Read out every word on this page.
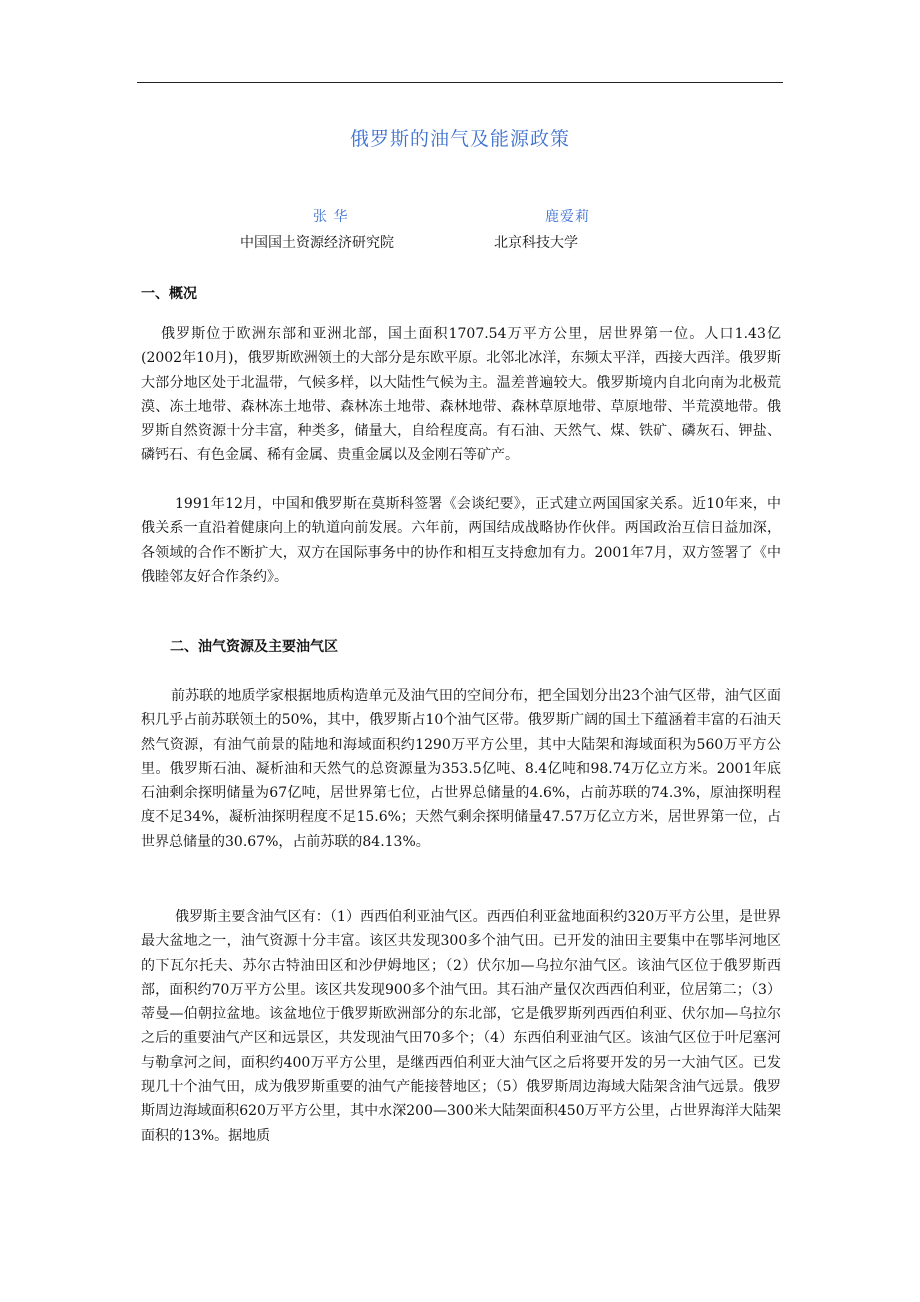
俄罗斯的油气及能源政策
张 华	鹿爱莉
中国国土资源经济研究院	北京科技大学
一、概况
俄罗斯位于欧洲东部和亚洲北部，国土面积1707.54万平方公里，居世界第一位。人口1.43亿(2002年10月)，俄罗斯欧洲领土的大部分是东欧平原。北邻北冰洋，东频太平洋，西接大西洋。俄罗斯大部分地区处于北温带，气候多样，以大陆性气候为主。温差普遍较大。俄罗斯境内自北向南为北极荒漠、冻土地带、森林冻土地带、森林冻土地带、森林地带、森林草原地带、草原地带、半荒漠地带。俄罗斯自然资源十分丰富，种类多，储量大，自给程度高。有石油、天然气、煤、铁矿、磷灰石、钾盐、磷钙石、有色金属、稀有金属、贵重金属以及金刚石等矿产。
1991年12月，中国和俄罗斯在莫斯科签署《会谈纪要》，正式建立两国国家关系。近10年来，中俄关系一直沿着健康向上的轨道向前发展。六年前，两国结成战略协作伙伴。两国政治互信日益加深，各领域的合作不断扩大，双方在国际事务中的协作和相互支持愈加有力。2001年7月，双方签署了《中俄睦邻友好合作条约》。
二、油气资源及主要油气区
前苏联的地质学家根据地质构造单元及油气田的空间分布，把全国划分出23个油气区带，油气区面积几乎占前苏联领土的50%，其中，俄罗斯占10个油气区带。俄罗斯广阔的国土下蕴涵着丰富的石油天然气资源，有油气前景的陆地和海域面积约1290万平方公里，其中大陆架和海域面积为560万平方公里。俄罗斯石油、凝析油和天然气的总资源量为353.5亿吨、8.4亿吨和98.74万亿立方米。2001年底石油剩余探明储量为67亿吨，居世界第七位，占世界总储量的4.6%，占前苏联的74.3%，原油探明程度不足34%，凝析油探明程度不足15.6%；天然气剩余探明储量47.57万亿立方米，居世界第一位，占世界总储量的30.67%，占前苏联的84.13%。
俄罗斯主要含油气区有：（1）西西伯利亚油气区。西西伯利亚盆地面积约320万平方公里，是世界最大盆地之一，油气资源十分丰富。该区共发现300多个油气田。已开发的油田主要集中在鄂毕河地区的下瓦尔托夫、苏尔古特油田区和沙伊姆地区；（2）伏尔加—乌拉尔油气区。该油气区位于俄罗斯西部，面积约70万平方公里。该区共发现900多个油气田。其石油产量仅次西西伯利亚，位居第二；（3）蒂曼—伯朝拉盆地。该盆地位于俄罗斯欧洲部分的东北部，它是俄罗斯列西西伯利亚、伏尔加—乌拉尔之后的重要油气产区和远景区，共发现油气田70多个；（4）东西伯利亚油气区。该油气区位于叶尼塞河与勒拿河之间，面积约400万平方公里，是继西西伯利亚大油气区之后将要开发的另一大油气区。已发现几十个油气田，成为俄罗斯重要的油气产能接替地区；（5）俄罗斯周边海域大陆架含油气远景。俄罗斯周边海域面积620万平方公里，其中水深200—300米大陆架面积450万平方公里，占世界海洋大陆架面积的13%。据地质
